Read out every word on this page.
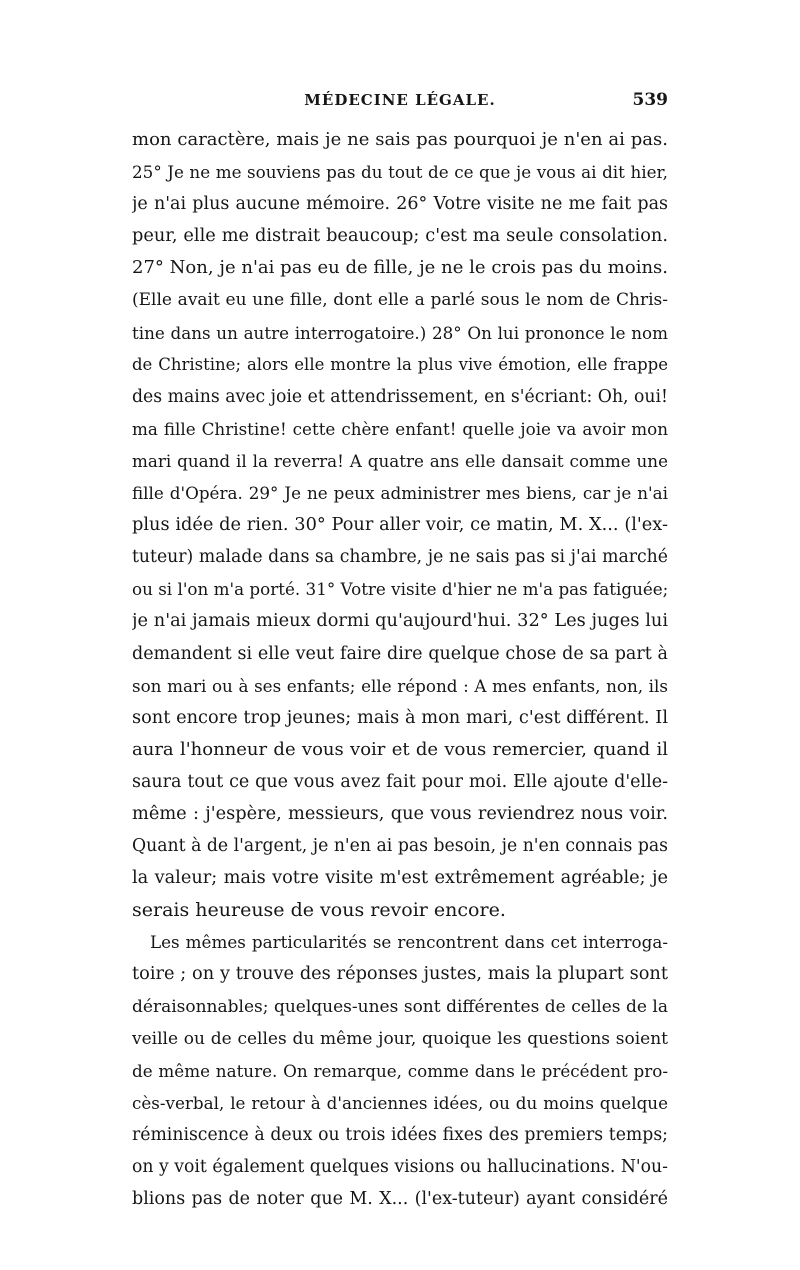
MÉDECINE LÉGALE.	539
mon caractère, mais je ne sais pas pourquoi je n'en ai pas.
25° Je ne me souviens pas du tout de ce que je vous ai dit hier,
je n'ai plus aucune mémoire. 26° Votre visite ne me fait pas
peur, elle me distrait beaucoup; c'est ma seule consolation.
27° Non, je n'ai pas eu de fille, je ne le crois pas du moins.
(Elle avait eu une fille, dont elle a parlé sous le nom de Chris-
tine dans un autre interrogatoire.) 28° On lui prononce le nom
de Christine; alors elle montre la plus vive émotion, elle frappe
des mains avec joie et attendrissement, en s'écriant: Oh, oui!
ma fille Christine! cette chère enfant! quelle joie va avoir mon
mari quand il la reverra! A quatre ans elle dansait comme une
fille d'Opéra. 29° Je ne peux administrer mes biens, car je n'ai
plus idée de rien. 30° Pour aller voir, ce matin, M. X... (l'ex-
tuteur) malade dans sa chambre, je ne sais pas si j'ai marché
ou si l'on m'a porté. 31° Votre visite d'hier ne m'a pas fatiguée;
je n'ai jamais mieux dormi qu'aujourd'hui. 32° Les juges lui
demandent si elle veut faire dire quelque chose de sa part à
son mari ou à ses enfants; elle répond : A mes enfants, non, ils
sont encore trop jeunes; mais à mon mari, c'est différent. Il
aura l'honneur de vous voir et de vous remercier, quand il
saura tout ce que vous avez fait pour moi. Elle ajoute d'elle-
même : j'espère, messieurs, que vous reviendrez nous voir.
Quant à de l'argent, je n'en ai pas besoin, je n'en connais pas
la valeur; mais votre visite m'est extrêmement agréable; je
serais heureuse de vous revoir encore.
Les mêmes particularités se rencontrent dans cet interroga-
toire ; on y trouve des réponses justes, mais la plupart sont
déraisonnables; quelques-unes sont différentes de celles de la
veille ou de celles du même jour, quoique les questions soient
de même nature. On remarque, comme dans le précédent pro-
cès-verbal, le retour à d'anciennes idées, ou du moins quelque
réminiscence à deux ou trois idées fixes des premiers temps;
on y voit également quelques visions ou hallucinations. N'ou-
blions pas de noter que M. X... (l'ex-tuteur) ayant considéré
